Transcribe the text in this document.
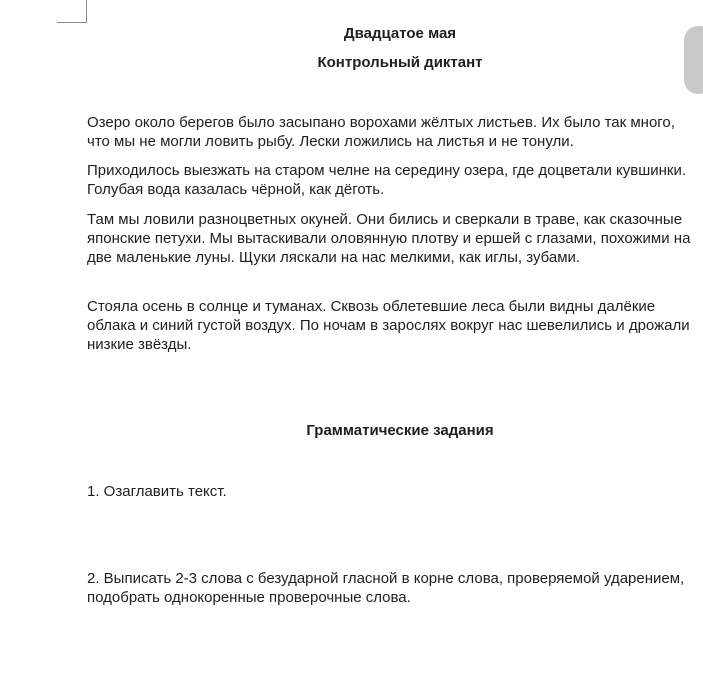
Двадцатое мая
Контрольный диктант
Озеро около берегов было засыпано ворохами жёлтых листьев. Их было так много, что мы не могли ловить рыбу. Лески ложились на листья и не тонули.
Приходилось выезжать на старом челне на середину озера, где доцветали кувшинки. Голубая вода казалась чёрной, как дёготь.
Там мы ловили разноцветных окуней. Они бились и сверкали в траве, как сказочные японские петухи. Мы вытаскивали оловянную плотву и ершей с глазами, похожими на две маленькие луны. Щуки ляскали на нас мелкими, как иглы, зубами.
Стояла осень в солнце и туманах. Сквозь облетевшие леса были видны далёкие облака и синий густой воздух. По ночам в зарослях вокруг нас шевелились и дрожали низкие звёзды.
Грамматические задания
1. Озаглавить текст.
2. Выписать 2-3 слова с безударной гласной в корне слова, проверяемой ударением, подобрать однокоренные проверочные слова.
